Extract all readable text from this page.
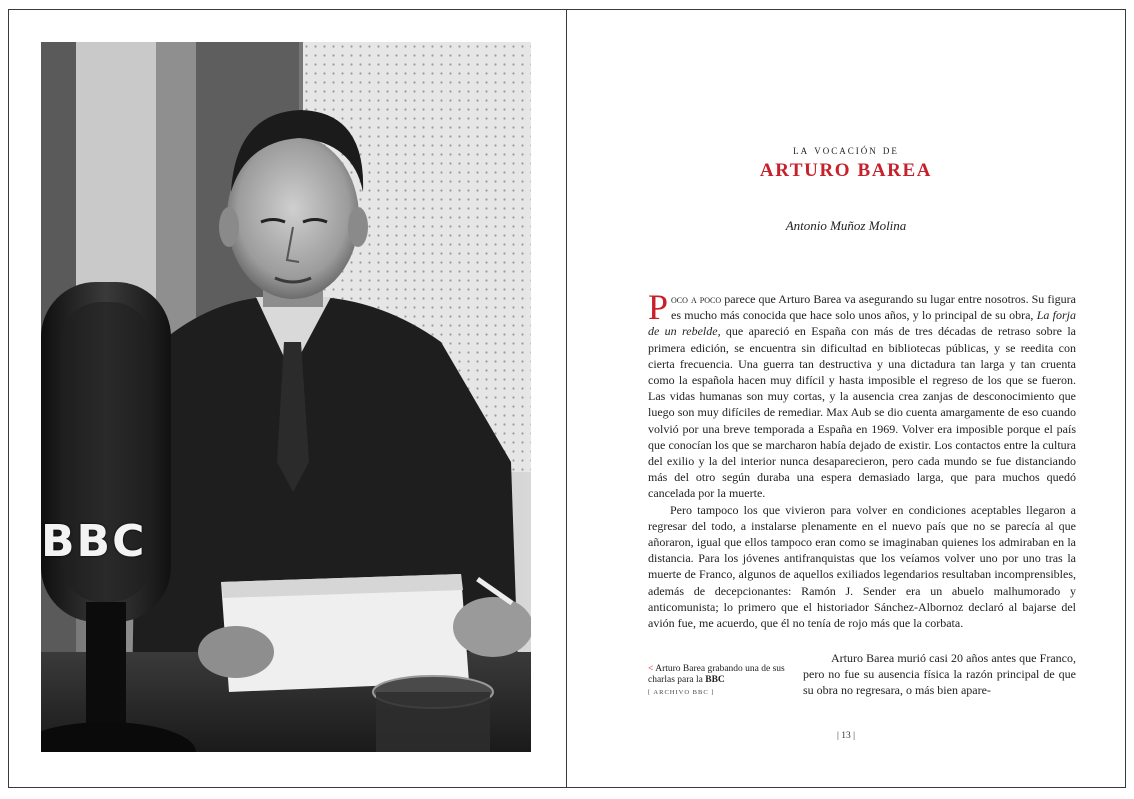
BBC
la vocación de
ARTURO BAREA
Antonio Muñoz Molina

Poco a poco parece que Arturo Barea va asegurando su lugar entre nosotros. Su figura es mucho más conocida que hace solo unos años, y lo principal de su obra, La forja de un rebelde, que apareció en España con más de tres décadas de retraso sobre la primera edición, se encuentra sin dificultad en bibliotecas públicas, y se reedita con cierta frecuencia. Una guerra tan destructiva y una dictadura tan larga y tan cruenta como la española hacen muy difícil y hasta imposible el regreso de los que se fueron. Las vidas humanas son muy cortas, y la ausencia crea zanjas de desconocimiento que luego son muy difíciles de remediar. Max Aub se dio cuenta amargamente de eso cuando volvió por una breve temporada a España en 1969. Volver era imposible porque el país que conocían los que se marcharon había dejado de existir. Los contactos entre la cultura del exilio y la del interior nunca desaparecieron, pero cada mundo se fue distanciando más del otro según duraba una espera demasiado larga, que para muchos quedó cancelada por la muerte.

Pero tampoco los que vivieron para volver en condiciones aceptables llegaron a regresar del todo, a instalarse plenamente en el nuevo país que no se parecía al que añoraron, igual que ellos tampoco eran como se imaginaban quienes los admiraban en la distancia. Para los jóvenes antifranquistas que los veíamos volver uno por uno tras la muerte de Franco, algunos de aquellos exiliados legendarios resultaban incomprensibles, además de decepcionantes: Ramón J. Sender era un abuelo malhumorado y anticomunista; lo primero que el historiador Sánchez-Albornoz declaró al bajarse del avión fue, me acuerdo, que él no tenía de rojo más que la corbata.

< Arturo Barea grabando una de sus charlas para la BBC
[ ARCHIVO BBC ]
Arturo Barea murió casi 20 años antes que Franco, pero no fue su ausencia física la razón principal de que su obra no regresara, o más bien apare-
| 13 |
